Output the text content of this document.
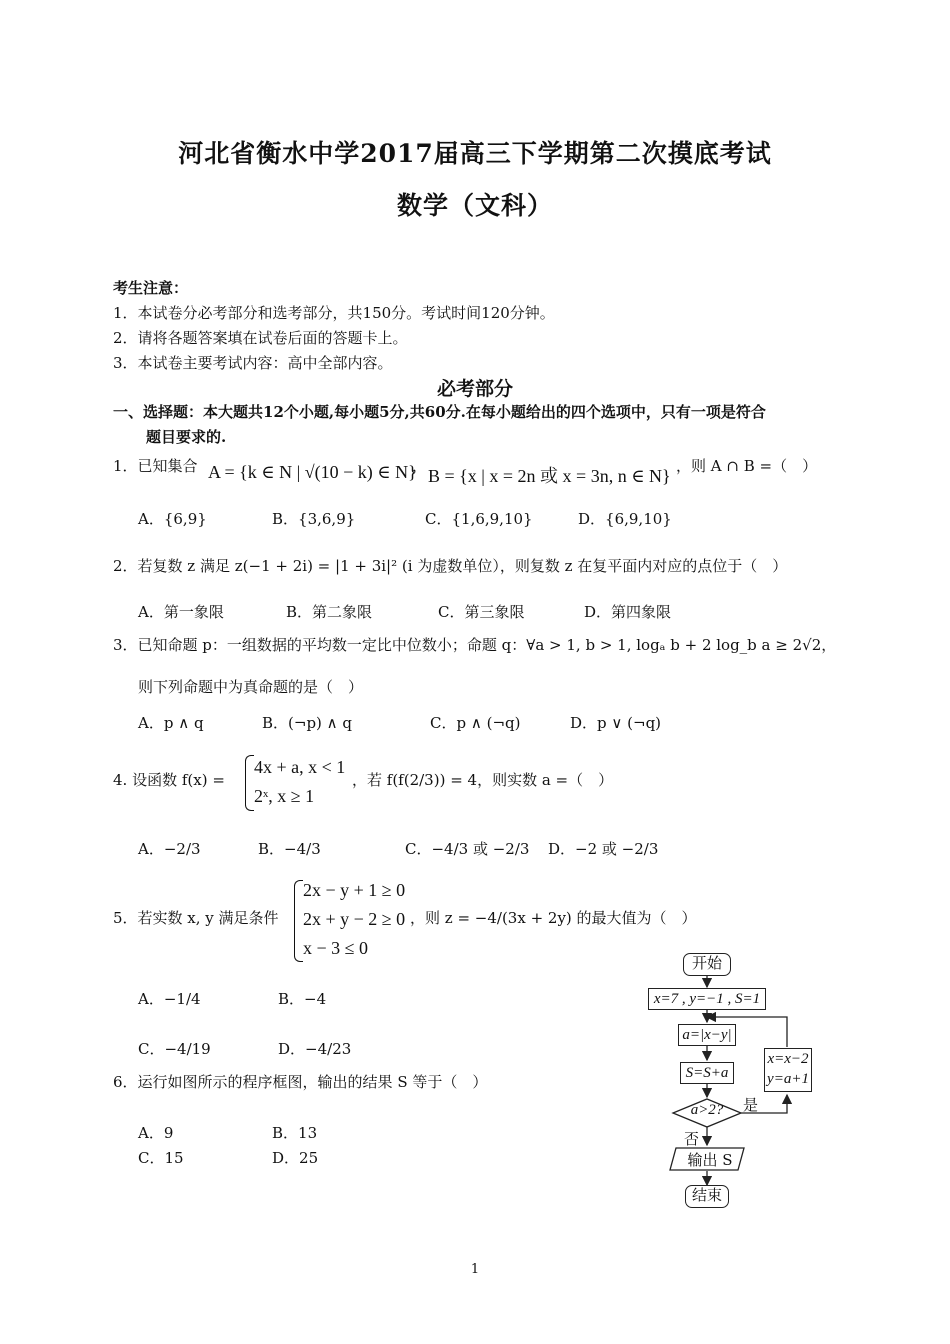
河北省衡水中学2017届高三下学期第二次摸底考试
数学（文科）
考生注意：
1．本试卷分必考部分和选考部分，共150分。考试时间120分钟。
2．请将各题答案填在试卷后面的答题卡上。
3．本试卷主要考试内容：高中全部内容。
必考部分
一、选择题：本大题共12个小题,每小题5分,共60分.在每小题给出的四个选项中，只有一项是符合
题目要求的.
1．已知集合 A = {k ∈ N | √(10 − k) ∈ N}
， B = {x | x = 2n 或 x = 3n, n ∈ N} ，则 A ∩ B =（　）
A．{6,9}	B．{3,6,9}	C．{1,6,9,10}	D．{6,9,10}
2．若复数 z 满足 z(−1 + 2i) = |1 + 3i|² (i 为虚数单位），则复数 z 在复平面内对应的点位于（　）
A．第一象限	B．第二象限	C．第三象限	D．第四象限
3．已知命题 p：一组数据的平均数一定比中位数小；命题 q：∀a > 1, b > 1, logₐ b + 2 log_b a ≥ 2√2，
则下列命题中为真命题的是（　）
A．p ∧ q	B．(¬p) ∧ q	C．p ∧ (¬q)	D．p ∨ (¬q)
4. 设函数 f(x) =
4x + a, x < 1
2ˣ, x ≥ 1
，若 f(f(2/3)) = 4，则实数 a =（　）
A．−2/3	B．−4/3	C．−4/3 或 −2/3 D．−2 或 −2/3
5．若实数 x, y 满足条件
2x − y + 1 ≥ 0
2x + y − 2 ≥ 0
x − 3 ≤ 0
，则 z = −4/(3x + 2y) 的最大值为（　）
A．−1/4	B．−4
C．−4/19	D．−4/23
6．运行如图所示的程序框图，输出的结果 S 等于（　）
A．9	B．13
C．15	D．25
开始
x=7 , y=−1 , S=1
a=|x−y|
S=S+a
a>2?	是
否
x=x−2
y=a+1
输出 S
结束
1
